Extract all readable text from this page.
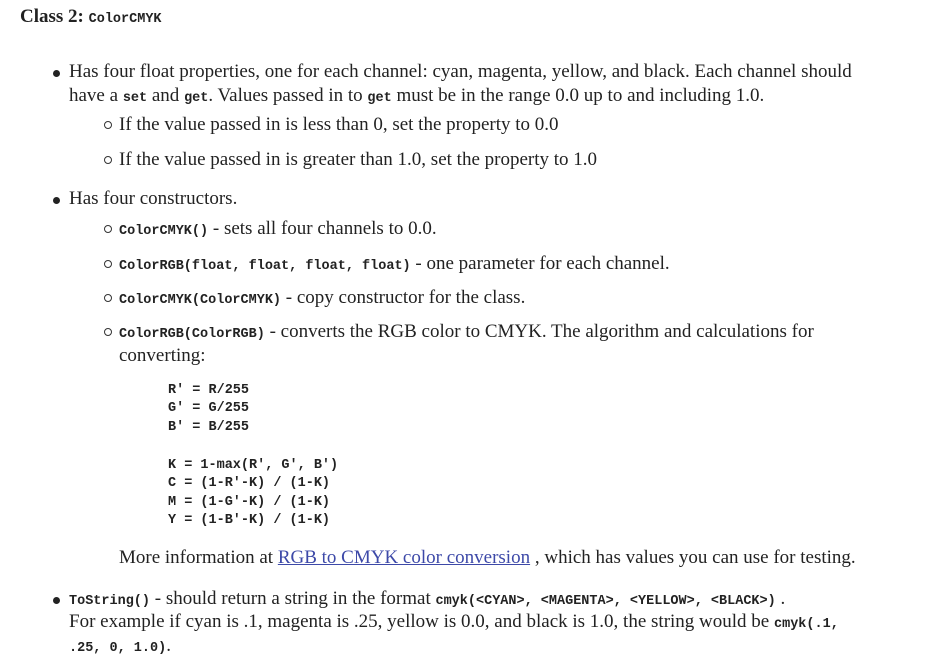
Class 2: ColorCMYK
Has four float properties, one for each channel: cyan, magenta, yellow, and black. Each channel should
have a set and get. Values passed in to get must be in the range 0.0 up to and including 1.0.
If the value passed in is less than 0, set the property to 0.0
If the value passed in is greater than 1.0, set the property to 1.0
Has four constructors.
ColorCMYK() - sets all four channels to 0.0.
ColorRGB(float, float, float, float) - one parameter for each channel.
ColorCMYK(ColorCMYK) - copy constructor for the class.
ColorRGB(ColorRGB) - converts the RGB color to CMYK. The algorithm and calculations for
converting:
R' = R/255
G' = G/255
B' = B/255
K = 1-max(R', G', B')
C = (1-R'-K) / (1-K)
M = (1-G'-K) / (1-K)
Y = (1-B'-K) / (1-K)
More information at RGB to CMYK color conversion , which has values you can use for testing.
ToString() - should return a string in the format cmyk(<CYAN>, <MAGENTA>, <YELLOW>, <BLACK>) .
For example if cyan is .1, magenta is .25, yellow is 0.0, and black is 1.0, the string would be cmyk(.1,
.25, 0, 1.0).
